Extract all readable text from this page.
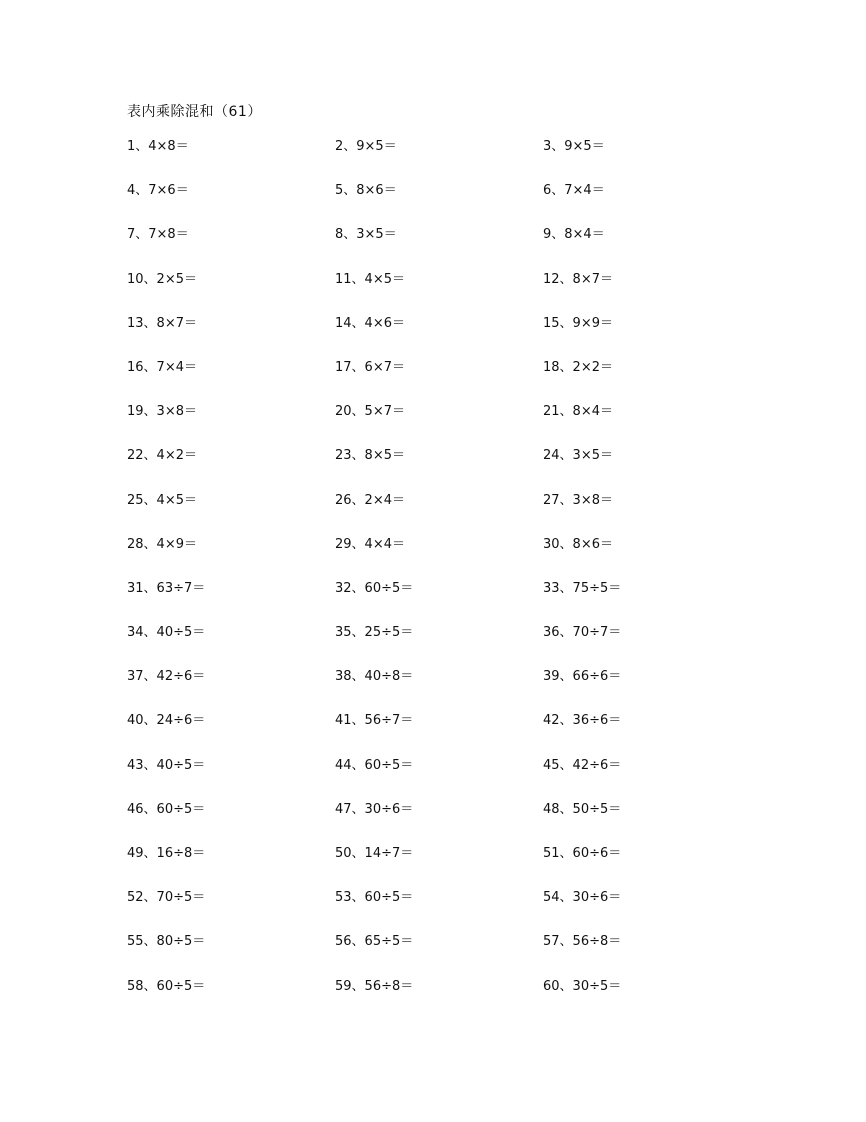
表内乘除混和（61）
1、4×8＝	2、9×5＝	3、9×5＝
4、7×6＝	5、8×6＝	6、7×4＝
7、7×8＝	8、3×5＝	9、8×4＝
10、2×5＝	11、4×5＝	12、8×7＝
13、8×7＝	14、4×6＝	15、9×9＝
16、7×4＝	17、6×7＝	18、2×2＝
19、3×8＝	20、5×7＝	21、8×4＝
22、4×2＝	23、8×5＝	24、3×5＝
25、4×5＝	26、2×4＝	27、3×8＝
28、4×9＝	29、4×4＝	30、8×6＝
31、63÷7＝	32、60÷5＝	33、75÷5＝
34、40÷5＝	35、25÷5＝	36、70÷7＝
37、42÷6＝	38、40÷8＝	39、66÷6＝
40、24÷6＝	41、56÷7＝	42、36÷6＝
43、40÷5＝	44、60÷5＝	45、42÷6＝
46、60÷5＝	47、30÷6＝	48、50÷5＝
49、16÷8＝	50、14÷7＝	51、60÷6＝
52、70÷5＝	53、60÷5＝	54、30÷6＝
55、80÷5＝	56、65÷5＝	57、56÷8＝
58、60÷5＝	59、56÷8＝	60、30÷5＝
